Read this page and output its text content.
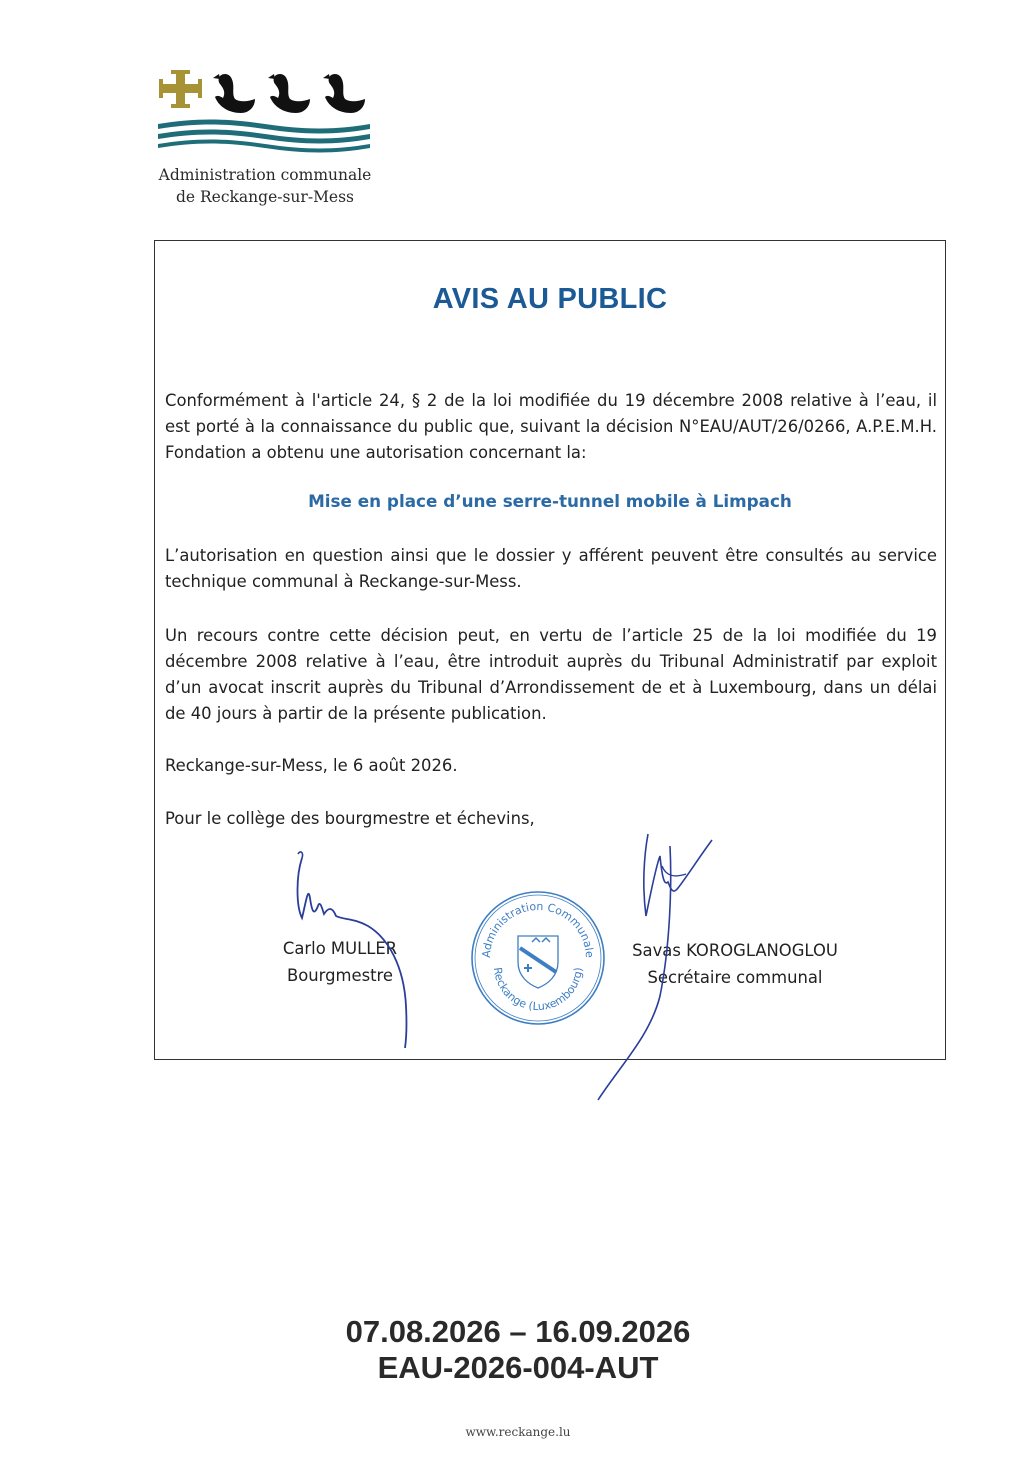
Administration communale
de Reckange-sur-Mess
AVIS AU PUBLIC

Conformément à l'article 24, § 2 de la loi modifiée du 19 décembre 2008 relative à l’eau, il est porté à la connaissance du public que, suivant la décision N°EAU/AUT/26/0266, A.P.E.M.H. Fondation a obtenu une autorisation concernant la:

Mise en place d’une serre-tunnel mobile à Limpach

L’autorisation en question ainsi que le dossier y afférent peuvent être consultés au service technique communal à Reckange-sur-Mess.

Un recours contre cette décision peut, en vertu de l’article 25 de la loi modifiée du 19 décembre 2008 relative à l’eau, être introduit auprès du Tribunal Administratif par exploit d’un avocat inscrit auprès du Tribunal d’Arrondissement de et à Luxembourg, dans un délai de 40 jours à partir de la présente publication.

Reckange-sur-Mess, le 6 août 2026.

Pour le collège des bourgmestre et échevins,

Carlo MULLER
Bourgmestre
Savas KOROGLANOGLOU
Secrétaire communal
Administration Communale
Reckange (Luxembourg)
07.08.2026 – 16.09.2026
EAU-2026-004-AUT
www.reckange.lu
